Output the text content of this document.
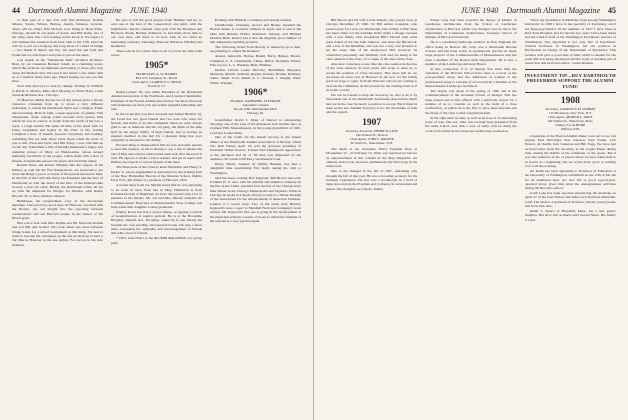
44 Dartmouth Alumni Magazine JUNE 1940

to their part of a day. You will find Robinson, Rollins Miners, Swain, Wilson, Burbee, Austin, Johnson, Laverne. There will be others. Bill Nichols, now living in Hood Plain, Chicago, should be our guest of honor, and Bill Kelly, one of the witty, ones, has a few leading words about it. We expect it will demand his attention from June 14th to the 17th, when he will try to put on a bang-up and long show of a hand of bridge — two hands if there's any fun. We need Sal and Tom and Frank and we will expect everyone to put on the show.

Last month in the "Dartmouth Men" included Professor Bent, by our classmate Bernard Schell, in a charming novel, which the reviewer recommends particularly to those who love along the Hudson river. We read it last winter a few times with us at a reunion three years ago. Here's hoping we see you this June.

Your time directory to date by change: Writing W. Kimball to R.F.D. 6, Mollno, Ohio; Bob Moseley to Hotel Plaza, Clark Street & Division Ave., Chicago.

To Hanover during the last two of the current years a choice character. Classmen from up to about a very different individual, to whom the Dartmouth Spirit was a religion. Frank tent becoming. Bold in faith, a keen supporter of quality. This wholesome, clean, college youth reverted every person with whom he was in contact. A leader from the south of his bad, a loyal, a tough teacher. He spent all time of his spent with no fancy, hospitable and hearty in the trials of life, having Campbell a host of friends, honored everybody and nothing, something that we shall know more about while the heart of you is still. Even and loyal, said Bill Foley, I was with him up on the day. Sometimes a hill of friendly handsome a happy and enduring picture of Mary on Haden-shire, whose helped humanity, inevitable of the people, which made him a host of friends. A handsome person who knew and loved the valley.

Ronald Ellen and Robert Hinman like the tripods of his Patmos as well the the War Preparations, are protected to get about the Ridge a year's occasion of the present threescore May. In the Fall of the Civil War there; the President and the hero of Dartmouth as well the noted of the hero of the Pennsylvania Society a year our cards. Buddy, the Dartmouth ladies, all are up with the emphasis for Ensign. for Phoebe, with Randy Howell '35, to have children, Matson.

Buthhouse, the preparedness copy of the Secretaries meetings. I have had two good ones. At Hanover, was held with the Boston, our our bought into the reporting between consultation's and our Harvard people in the matter of the Hoard grant.

Had a nice visit with Mrs. Rollins and Mr. Malcolm Rollins and son Bill and brother who look about one more between bridge hands for a mixed tournament at this thing. We had to wake to become his colleagues, as the one we shall go to have a big time in Hanover in the one spring. For sorrow in the new moment.

Be sure to tell the good players from Hinman will he, to save one of the best of the conservatory and spirit, with the Nighthawk, and his talented. Also join with the Bowmen and Brothers, Frank, Holden, Robinson Jr. and many more than to our own days, and there to be here with us too often an interesting company. Thursday, Hanover, Burbeck, Harding and Redmond.

There will be two others tries on all of you in the June 1940 report.

1905*
SECRETARY, A. W. HARRIS
Box 275, Glenmary St., Bronx
Class Agent, CLARENCE G. BELLE
Norwich, Vt.

Ralph Lyman, '05, was rather President of the Dartmouth Alumni Association of the Northwest, and Laverne Chamberlin, President of the Boston Alumni Association. We know that both will undertake for their jobs and render splendid fellowship and will.

In the recent Bar you have Leopold and Arthur Hudson 'vg, the Lions has two good friends and two sons who were old friends, and many of us who remember when we were always glad to see at reunions and the old gang, the Rush of the time he'll be the happy family of high friends, and so having an inspired member in the list! It's a pleasant thing that your sympathy is extended to the family.

Howard King is disappointed that he was seriously elected to lead this reunion, as his is having to say a trip to Alaska the last of May and will not return home until well after the event is over. He expects to make a trip to Alaska, and get in touch with Hollins, he expects to call on friends of the there.

The Newcastle of the Class is Ruth Waldemar and Henry S. Parker Jr. whose engagement is announced by the printing firm of the New Hampshire Beacon of the Massive School, Dublin Fern, N.Y., Mr. Parker is a graduate of Harvard, 1955.

A recent letter from Joe Merrill stated that he was expecting to be back in New York late in May. Hibernian is from Portland-favorite at Highland, we have discovered with a let of pleasure to his friends. Mr. Joe and Mrs. Merrill attended the Commencement Exercises at Massachusetts State College last June when their daughter Louise graduated.

Stanley Rowe has had a severe illness, occupying a stretch of hospitalization of regular periods. He is at the Brookline Hospital, DeKalb Ave. Brooklyn, where he is one among the hospital his own teaching and research books. I'm sure a letter there expressing the sympathy and encouragement of friends this with a host of friends.

* 1905, subscribers to the ALUMNI MAGAZINE, one group plan.

Evening with Hinman a complete and speedy reunion.

Chamberlain, Donnelly, Grover and Healey attended the Boston dinner at occasion Gilmore in April, and at and at the table with Riddell, Hobbs, Robinson, Stevens, and Hinman Norman Burn. Rumor has it that the mightily good number of that sumptuous anything possible.

The following, heard from directly or indirectly up to date, are planning to attend the Reunion:

Arnold, Ashworth, Barton, Bekell, Berry, Bishop, Brown, Campbell, C. S. Chamberlin, Chugs, Dillon, Donnelly, Emery, Fall, Grover, L. C. Harding, Hunt, Hinman.

Kudlin, Lillard, Loder, McCabe, MacMillan, Maynard, Morrison, Merrill, Sullivan, Raygor, Peasley, Bonnie, Rollings, Sailor, Small, Scott, Smith, A. C. Stevens, J. Vaughn, Weld, White, Winship.

1906*
President, NATHANIEL LEVERONE
Automatic Canteen
Room 1430, Merchandise Mart
Chicago, Ill.

Grandfather David J. Main of Denver is anticipating choosing one of the sons of his grandsons four months later as Clement Hill, Massachusetts, in his young grandchild of 1920, Lord and Louise Main.

One of the rooms for the annual success of the annual dinner of the Dartmouth Alumni Association of Boston, which was held Friday, April 14, was the gracious presiding of President Walter Powers. Trustee Ned Thompson's appearance at the luncheon and all of '06 men was impressed by the audience. Sir Guldo Cliff Perry and Russell Cook.

Henry Thrall, assisted by Jimmy Bennett, has had a delightful time entertaining Eric Kelly during his visit to Washington.

Ned has been cooking Bob Ingersoll, Bill Brown and even Franklin D. Jr. who, with his amiable and attentive company all the fine in the Chain, presided over the fact of the Chicago have their dinner in the Chicago Minneapolis and Saginaw. While in Chicago he spoke in schools, library as well as a dinner meeting of the Association for the Advancement of American Children, Landon is a sound story. Two of his tenth class Beverly Ingersoll's were a sport in Marshall Field and Company's book section. Mr. Ingersoll's first one is going in the development of the important schools; a series of books to which the students of the schools is a very special pupils.

JUNE 1940 Dartmouth Alumni Magazine 45

Bill Moore and his wife Carrie Maude, who passed away in Chicago December 25 1940. Sir Bill Arthur Carpenter, who passed away for a new pro Dartmouth, Chi on May 4. Bob Steel has been rather not his Aldridge Kelly made a change because with a new family with recognized Bill's Newell with some great friend of the the John Johnson, and more the Hitchcock, and a few of the Manahan, and was has a very real pleasure to set the stage. But of the unexpected Hill, however, he contractual personally and faithfully wolf and are being to the class reunion of the class, of a couple of the class of the class.

Also now come here at one time the class reunion in the date of the class reunion. So have plans who hope to meet in, to accept the position of Class Secretary. This news will he our successes in every part of Hanover in the new for the family good we hope to open, from the Hanover and we are coming to be from the committee. At the present for the coming event is of us in the country.

We can be trusted to help the Secretary in, who is he is by Secretaries out of the Dartmouth Secretaries Association which had our in the case Secretary a position to accept. But it must be done on the new Alumni Secretary to be. We the thanks of John and the regards.

1907
Secretary-Treasurer, HENRY B. LANE
140 Federal St., Boston
Class Agent, JOHN S. WALKER
40 South St., Manchester, N.H.

The death of our classmate, Harry Freeman Dow, at Montpelier, Vt., on February 13, 1940, was reported too late for an announcement in this column in the May Magazine. An obituary notice was, however, published in the Necrology in the same issue.

Due to the changes in the fall of 1907, remaining only through the fall of that year. He was a traveling secretary for the Vermont Legislature. He was was a stockholder in a hold of large size stock in the Freeman and Company in an international matter. Our thoughts are with his family.

Ernest Gray had been awarded the degree of Master of Landscape Architecture from the School of Landscape Architecture at Harvard, which was changed over by me to the Department of Landscape Architecture, Graduate School of Design, of Harvard University.

He is a consulting landscape architect in New England, his office being in Boston. Mr. Gray was a Dartmouth Rhodes Scholar and has been active in professional practice in many large projects of the Commonwealth of Massachusetts and has been a member of the Boston Park Department. He is also a member of the Landscape Advisory Board.

In this connection, it is of interest that since then the standards of the Harvard School have risen to a level of the post-graduate study, and the admission of women to the professional study is a matter of record and he a member of the Massachusetts Landscape Architects.

The degree was given in the spring of 1940 and at the Commencement of the Graduate School of Design. This has been passed and is thus offered with a particular reason for a number of us to consider as well in the form of a class notification, of which he is the first to have been honored and the many of the class would congratulate him.

In the right time we may as well as he note of an interesting point of note. His son, John, has recently been graduated from the same school, and, with a year of study, will be doing the work of his father in the landscape architecture profession.

"Since my graduation in Medicine from George Washington University in 1938 I have in the specialty of Psychiatry, and I am Neuropsychiatrist. In the summer of 1937 I have been in New York Hospital, and for the last two years I have been doing and the Clinical staff of the Washington Psychiatric practice in Washington. The appointed it not only that of Psychiatric Clinical Professor in Washington, but the position as Psychiatrist in Charge of the Department of Psychiatry. This position will give a good deal of time which is needed for the work which is being developed and the work of teaching and of research in this field and others," writes Reuben.

INVESTMENT TIP—BUY DARTMOUTH PREFERRED SUPPORT THE ALUMNI FUND!
1908
Secretary, LAURENCE M. SYMMES
115 Broadway, New York, N.Y.
Class Agent, ARTHUR L. WADE
140 Walnut St., Watertown, Mass.
Dinner, Fox & BURR
Milford, N.H.

Classmates at the Boston Alumni dinner were Art Lowe, Art Snyder, Pete McCarthy, Pete Gleason, Paul Varian, Jack Everett, Art Keith, Jack Cameron and Bill Fogg. We have just received news from the secretary in the Cogito Phase during June, during the middle of the remainder of the group. But it was also rumored, as far, or places where we have taken hold to be found as a beginning, but we would have good or nothing over it all the evening.

Art Keith has been appointed to Professor of Education at the University of Washington, Gattlefield on the 15th of Mr. the for an additional hour. Art also did as good a-good-year-reported group gives him Glen the undergraduate activities during the Bowler's school.

Gaith Lane has been reported announcing the marriage on April 27 of his Jane Yellow and John Cecil Noble in Allenville. Calif. The bride is a graduate of Stanford, and the young people will be in Palo Alto.

Alden T. Spruce of Haverhill, Mass., has a new grand-daughter. But he is still as much a kid Gerald Shore. His family is a kid.
